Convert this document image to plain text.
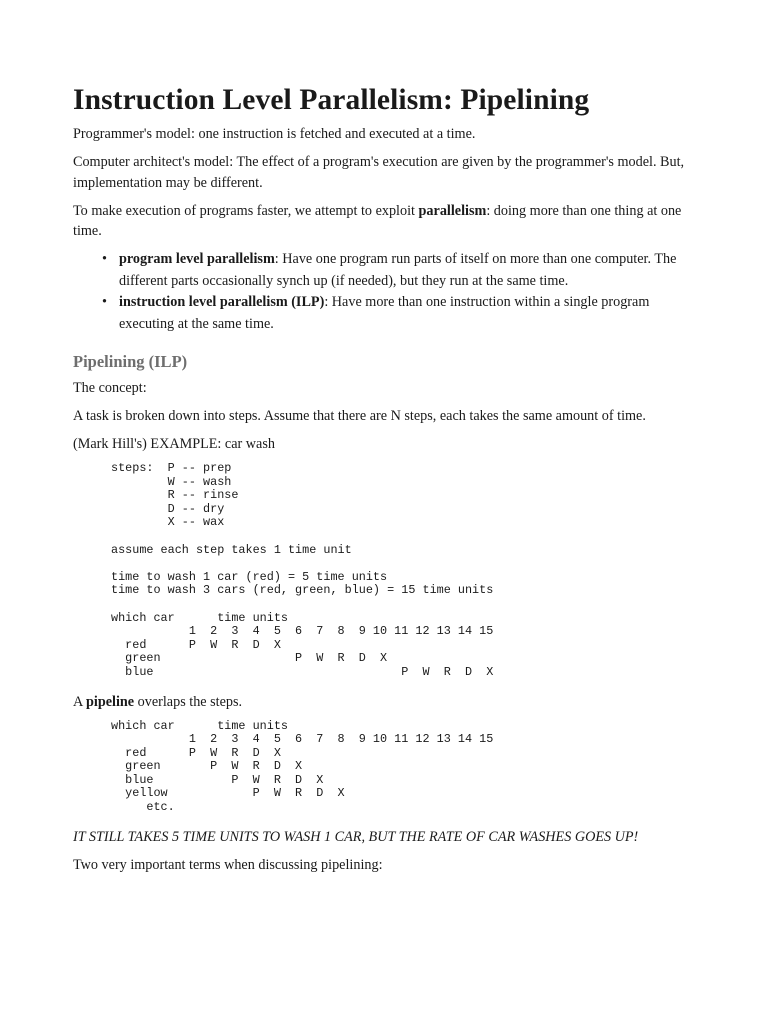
Instruction Level Parallelism: Pipelining

Programmer's model: one instruction is fetched and executed at a time.

Computer architect's model: The effect of a program's execution are given by the programmer's model. But, implementation may be different.

To make execution of programs faster, we attempt to exploit parallelism: doing more than one thing at one time.

• program level parallelism: Have one program run parts of itself on more than one computer. The different parts occasionally synch up (if needed), but they run at the same time.
• instruction level parallelism (ILP): Have more than one instruction within a single program executing at the same time.
Pipelining (ILP)

The concept:

A task is broken down into steps. Assume that there are N steps, each takes the same amount of time.

(Mark Hill's) EXAMPLE: car wash

steps:  P -- prep
W -- wash
R -- rinse
D -- dry
X -- wax

assume each step takes 1 time unit

time to wash 1 car (red) = 5 time units
time to wash 3 cars (red, green, blue) = 15 time units

which car      time units
1  2  3  4  5  6  7  8  9 10 11 12 13 14 15
red      P  W  R  D  X
green                   P  W  R  D  X
blue                                   P  W  R  D  X

A pipeline overlaps the steps.

which car      time units
1  2  3  4  5  6  7  8  9 10 11 12 13 14 15
red      P  W  R  D  X
green       P  W  R  D  X
blue           P  W  R  D  X
yellow            P  W  R  D  X
etc.

IT STILL TAKES 5 TIME UNITS TO WASH 1 CAR, BUT THE RATE OF CAR WASHES GOES UP!

Two very important terms when discussing pipelining:
